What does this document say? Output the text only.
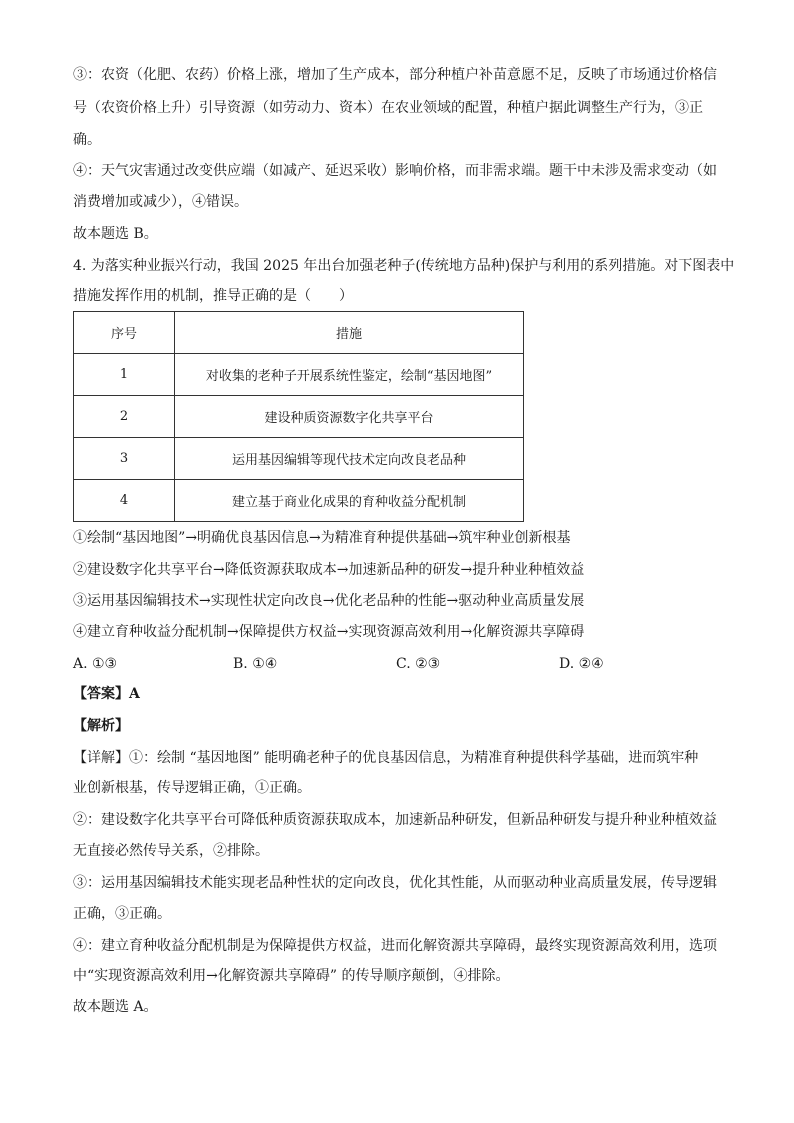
③：农资（化肥、农药）价格上涨，增加了生产成本，部分种植户补苗意愿不足，反映了市场通过价格信
号（农资价格上升）引导资源（如劳动力、资本）在农业领域的配置，种植户据此调整生产行为，③正
确。
④：天气灾害通过改变供应端（如减产、延迟采收）影响价格，而非需求端。题干中未涉及需求变动（如
消费增加或减少），④错误。
故本题选 B。
4. 为落实种业振兴行动，我国 2025 年出台加强老种子(传统地方品种)保护与利用的系列措施。对下图表中
措施发挥作用的机制，推导正确的是（　　）
序号	措施
1	对收集的老种子开展系统性鉴定，绘制“基因地图”
2	建设种质资源数字化共享平台
3	运用基因编辑等现代技术定向改良老品种
4	建立基于商业化成果的育种收益分配机制
①绘制“基因地图”→明确优良基因信息→为精准育种提供基础→筑牢种业创新根基
②建设数字化共享平台→降低资源获取成本→加速新品种的研发→提升种业种植效益
③运用基因编辑技术→实现性状定向改良→优化老品种的性能→驱动种业高质量发展
④建立育种收益分配机制→保障提供方权益→实现资源高效利用→化解资源共享障碍
A. ①③	B. ①④	C. ②③	D. ②④
【答案】A
【解析】
【详解】①：绘制 “基因地图” 能明确老种子的优良基因信息，为精准育种提供科学基础，进而筑牢种
业创新根基，传导逻辑正确，①正确。
②：建设数字化共享平台可降低种质资源获取成本，加速新品种研发，但新品种研发与提升种业种植效益
无直接必然传导关系，②排除。
③：运用基因编辑技术能实现老品种性状的定向改良，优化其性能，从而驱动种业高质量发展，传导逻辑
正确，③正确。
④：建立育种收益分配机制是为保障提供方权益，进而化解资源共享障碍，最终实现资源高效利用，选项
中“实现资源高效利用→化解资源共享障碍” 的传导顺序颠倒，④排除。
故本题选 A。
